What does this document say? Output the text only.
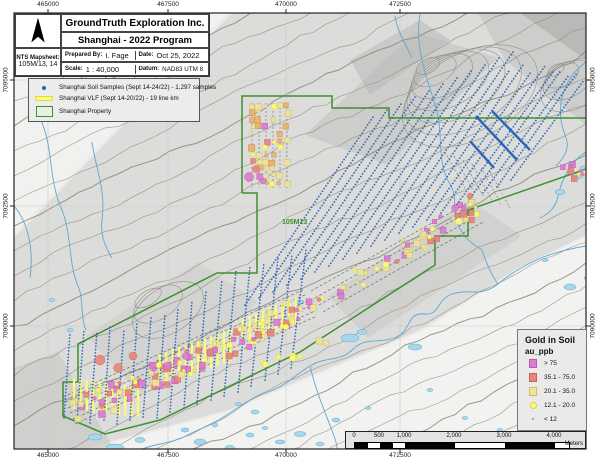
105M13
GroundTruth Exploration Inc.
Shanghai - 2022 Program
NTS Mapsheet:
105M/13, 14
Prepared By: I. Fage Date: Oct 25, 2022
Scale: 1 : 40,000	Datum: NAD83 UTM 8
Shanghai Soil Samples (Sept 14-24/22) - 1,297 samples
Shanghai VLF (Sept 14-20/22) - 19 line km
Shanghai Property
Gold in Soil
au_ppb
> 75
35.1 - 75.0
20.1 - 35.0
12.1 - 20.0
< 12
0	500 1,000	2,000	3,000	4,000
Meters
465000
465000
467500
467500
470000
470000
472500
472500
7095000	7095000
7092500	7092500
7090000	7090000
